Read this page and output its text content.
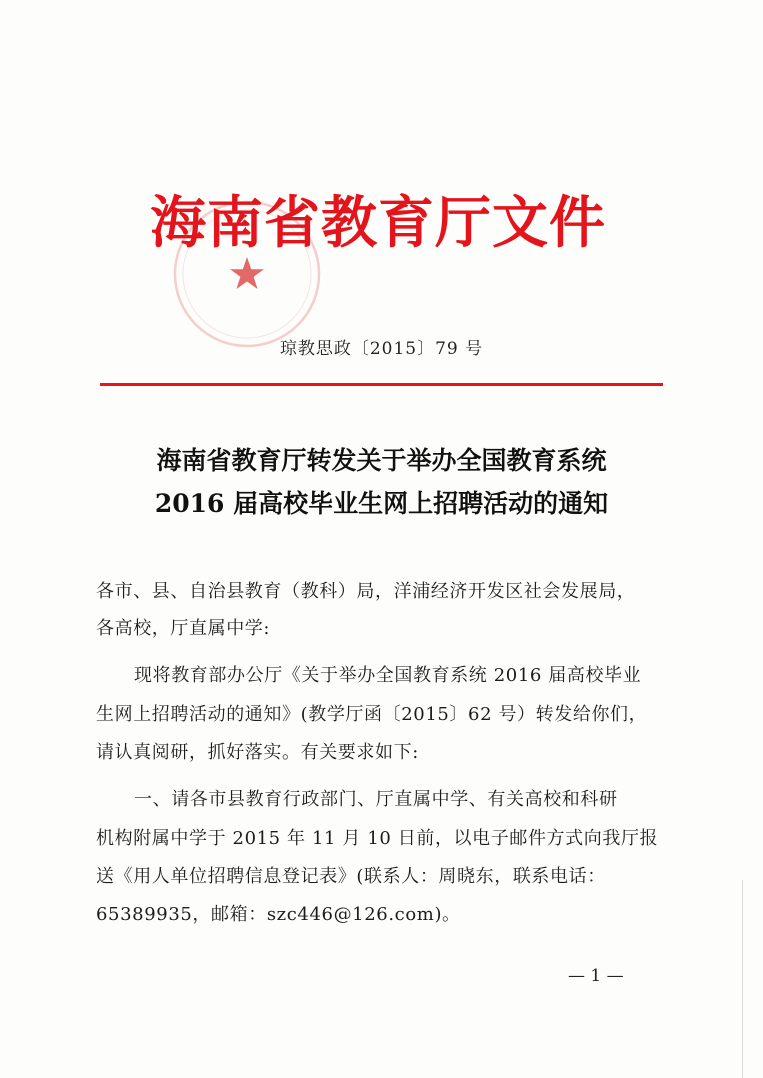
海南省教育厅文件
琼教思政〔2015〕79 号
海南省教育厅转发关于举办全国教育系统
2016 届高校毕业生网上招聘活动的通知
各市、县、自治县教育（教科）局，洋浦经济开发区社会发展局，
各高校，厅直属中学:
现将教育部办公厅《关于举办全国教育系统 2016 届高校毕业
生网上招聘活动的通知》(教学厅函〔2015〕62 号）转发给你们，
请认真阅研，抓好落实。有关要求如下:
一、请各市县教育行政部门、厅直属中学、有关高校和科研
机构附属中学于 2015 年 11 月 10 日前，以电子邮件方式向我厅报
送《用人单位招聘信息登记表》(联系人：周晓东，联系电话：
65389935，邮箱：szc446@126.com)。
— 1 —
